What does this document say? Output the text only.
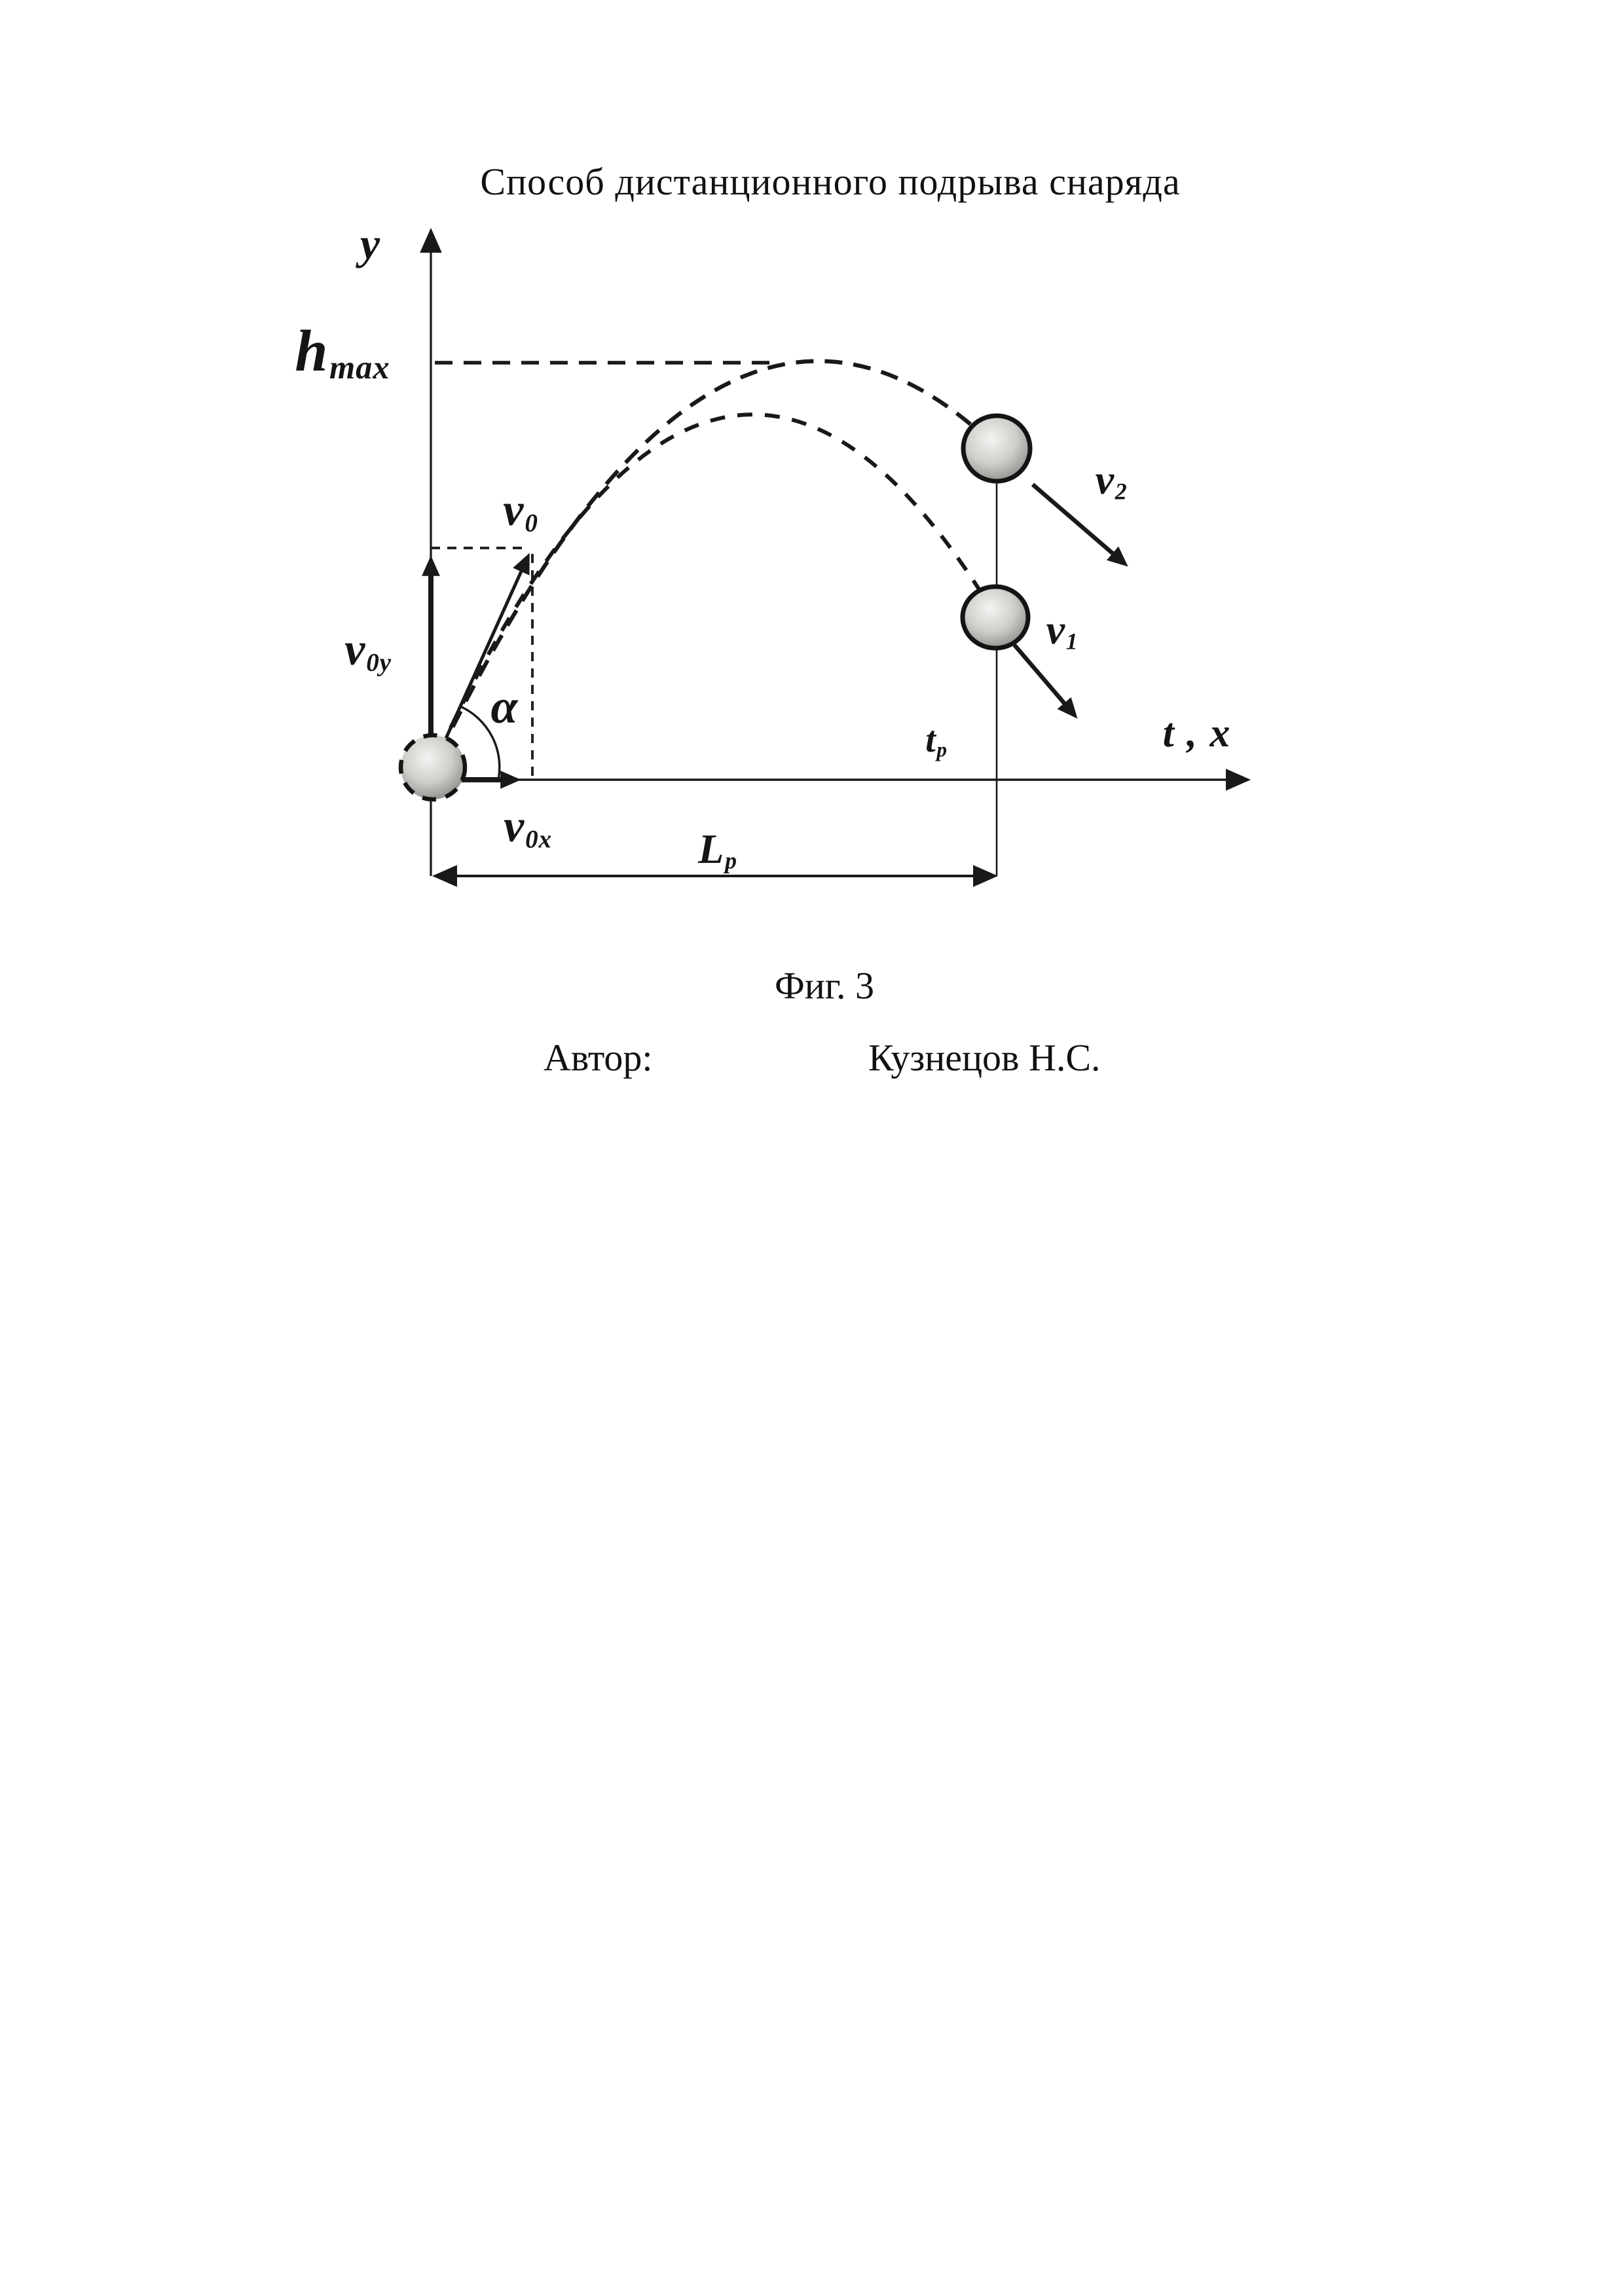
Способ дистанционного подрыва снаряда
y
hmax
v0
v0y
α
v0x	Lp
tp	t , x
v2
v1
Фиг. 3
Автор:	Кузнецов Н.С.
